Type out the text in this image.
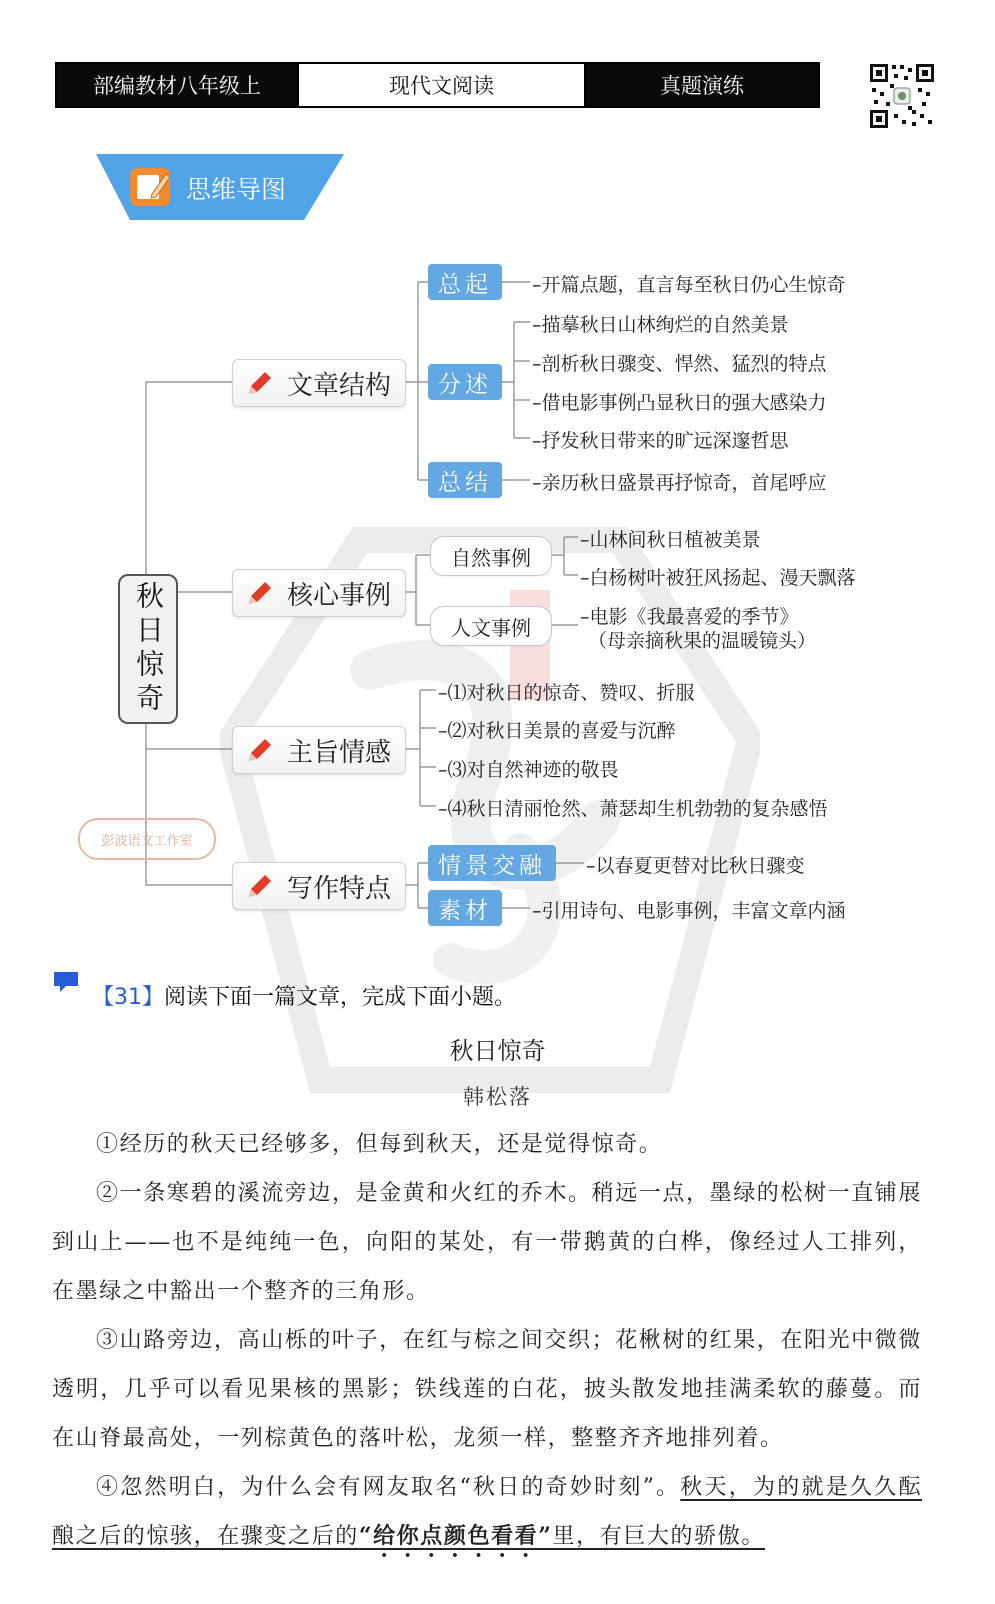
部编教材八年级上	现代文阅读	真题演练
思维导图
秋日惊奇
文章结构
核心事例
主旨情感
写作特点
总起	–开篇点题，直言每至秋日仍心生惊奇
分述
–描摹秋日山林绚烂的自然美景
–剖析秋日骤变、悍然、猛烈的特点
–借电影事例凸显秋日的强大感染力
–抒发秋日带来的旷远深邃哲思
总结	–亲历秋日盛景再抒惊奇，首尾呼应
自然事例
–山林间秋日植被美景
–白杨树叶被狂风扬起、漫天飘落
人文事例	–电影《我最喜爱的季节》
（母亲摘秋果的温暖镜头）
–⑴对秋日的惊奇、赞叹、折服
–⑵对秋日美景的喜爱与沉醉
–⑶对自然神迹的敬畏
–⑷秋日清丽怆然、萧瑟却生机勃勃的复杂感悟
情景交融	–以春夏更替对比秋日骤变
素材	–引用诗句、电影事例，丰富文章内涵
彭波语文工作室
【31】阅读下面一篇文章，完成下面小题。
秋日惊奇
韩松落
①经历的秋天已经够多，但每到秋天，还是觉得惊奇。
②一条寒碧的溪流旁边，是金黄和火红的乔木。稍远一点，墨绿的松树一直铺展到山上——也不是纯纯一色，向阳的某处，有一带鹅黄的白桦，像经过人工排列，在墨绿之中豁出一个整齐的三角形。
③山路旁边，高山栎的叶子，在红与棕之间交织；花楸树的红果，在阳光中微微透明，几乎可以看见果核的黑影；铁线莲的白花，披头散发地挂满柔软的藤蔓。而在山脊最高处，一列棕黄色的落叶松，龙须一样，整整齐齐地排列着。
④忽然明白，为什么会有网友取名“秋日的奇妙时刻”。秋天，为的就是久久酝酿之后的惊骇，在骤变之后的“给你点颜色看看”里，有巨大的骄傲。
